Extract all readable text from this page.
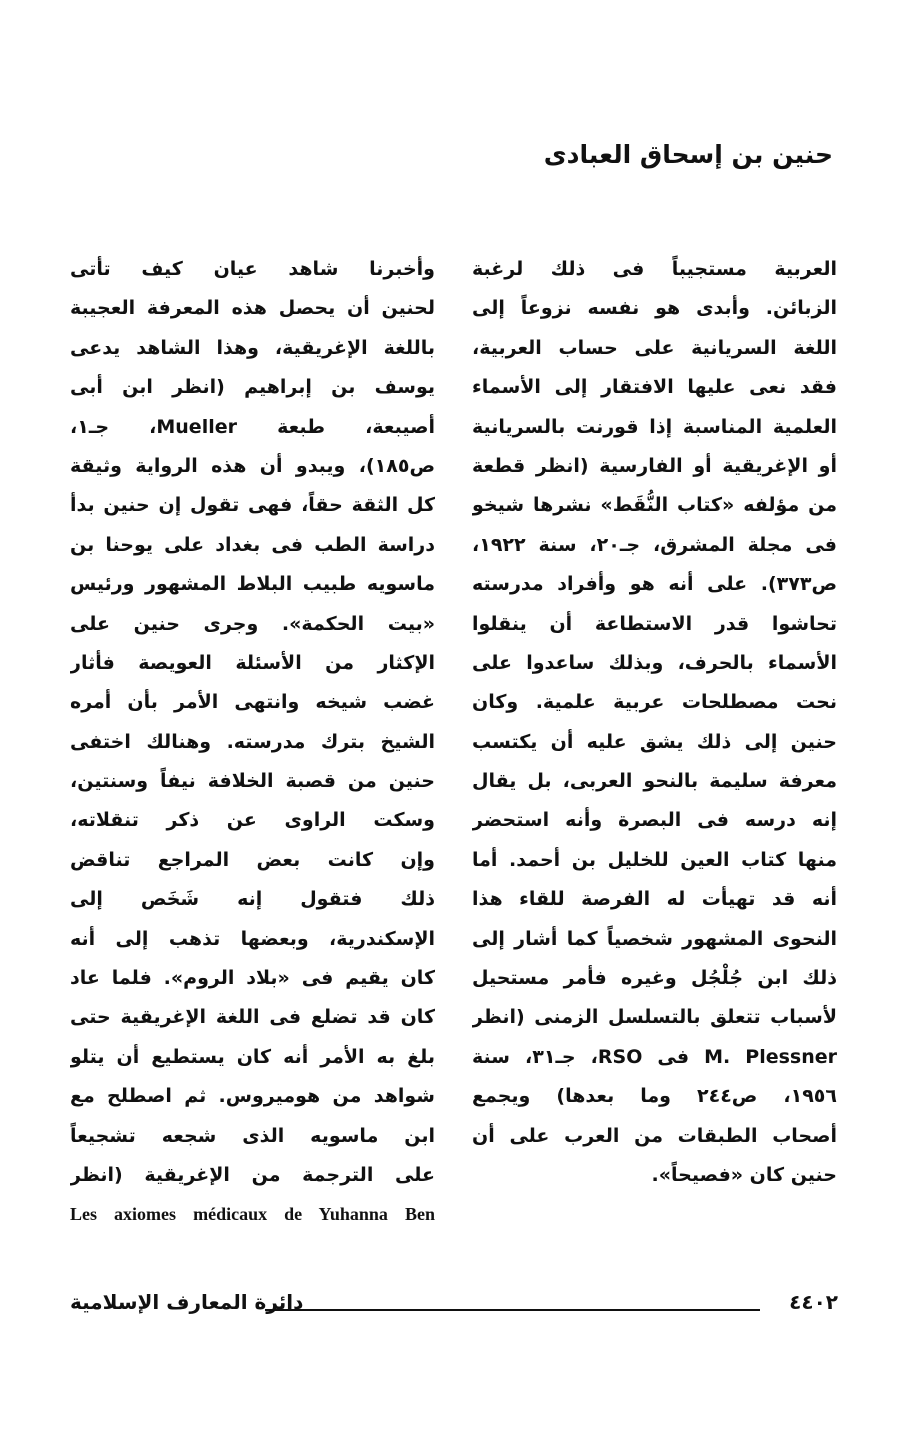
حنين بن إسحاق العبادى
العربية مستجيباً فى ذلك لرغبة
الزبائن. وأبدى هو نفسه نزوعاً إلى
اللغة السريانية على حساب العربية،
فقد نعى عليها الافتقار إلى الأسماء
العلمية المناسبة إذا قورنت بالسريانية
أو الإغريقية أو الفارسية (انظر قطعة
من مؤلفه «كتاب النُّقَط» نشرها شيخو
فى مجلة المشرق، جـ٢٠، سنة ١٩٢٢،
ص٣٧٣). على أنه هو وأفراد مدرسته
تحاشوا قدر الاستطاعة أن ينقلوا
الأسماء بالحرف، وبذلك ساعدوا على
نحت مصطلحات عربية علمية. وكان
حنين إلى ذلك يشق عليه أن يكتسب
معرفة سليمة بالنحو العربى، بل يقال
إنه درسه فى البصرة وأنه استحضر
منها كتاب العين للخليل بن أحمد. أما
أنه قد تهيأت له الفرصة للقاء هذا
النحوى المشهور شخصياً كما أشار إلى
ذلك ابن جُلْجُل وغيره فأمر مستحيل
لأسباب تتعلق بالتسلسل الزمنى (انظر
M. Plessner فى RSO، جـ٣١، سنة
١٩٥٦، ص٢٤٤ وما بعدها) ويجمع
أصحاب الطبقات من العرب على أن
حنين كان «فصيحاً».
وأخبرنا شاهد عيان كيف تأتى
لحنين أن يحصل هذه المعرفة العجيبة
باللغة الإغريقية، وهذا الشاهد يدعى
يوسف بن إبراهيم (انظر ابن أبى
أصيبعة، طبعة Mueller، جـ١،
ص١٨٥)، ويبدو أن هذه الرواية وثيقة
كل الثقة حقاً، فهى تقول إن حنين بدأ
دراسة الطب فى بغداد على يوحنا بن
ماسويه طبيب البلاط المشهور ورئيس
«بيت الحكمة». وجرى حنين على
الإكثار من الأسئلة العويصة فأثار
غضب شيخه وانتهى الأمر بأن أمره
الشيخ بترك مدرسته. وهنالك اختفى
حنين من قصبة الخلافة نيفاً وسنتين،
وسكت الراوى عن ذكر تنقلاته،
وإن كانت بعض المراجع تناقض
ذلك فتقول إنه شَخَص إلى
الإسكندرية، وبعضها تذهب إلى أنه
كان يقيم فى «بلاد الروم». فلما عاد
كان قد تضلع فى اللغة الإغريقية حتى
بلغ به الأمر أنه كان يستطيع أن يتلو
شواهد من هوميروس. ثم اصطلح مع
ابن ماسويه الذى شجعه تشجيعاً
على الترجمة من الإغريقية (انظر
Les axiomes médicaux de Yuhanna Ben
دائرة المعارف الإسلامية	٤٤٠٢
